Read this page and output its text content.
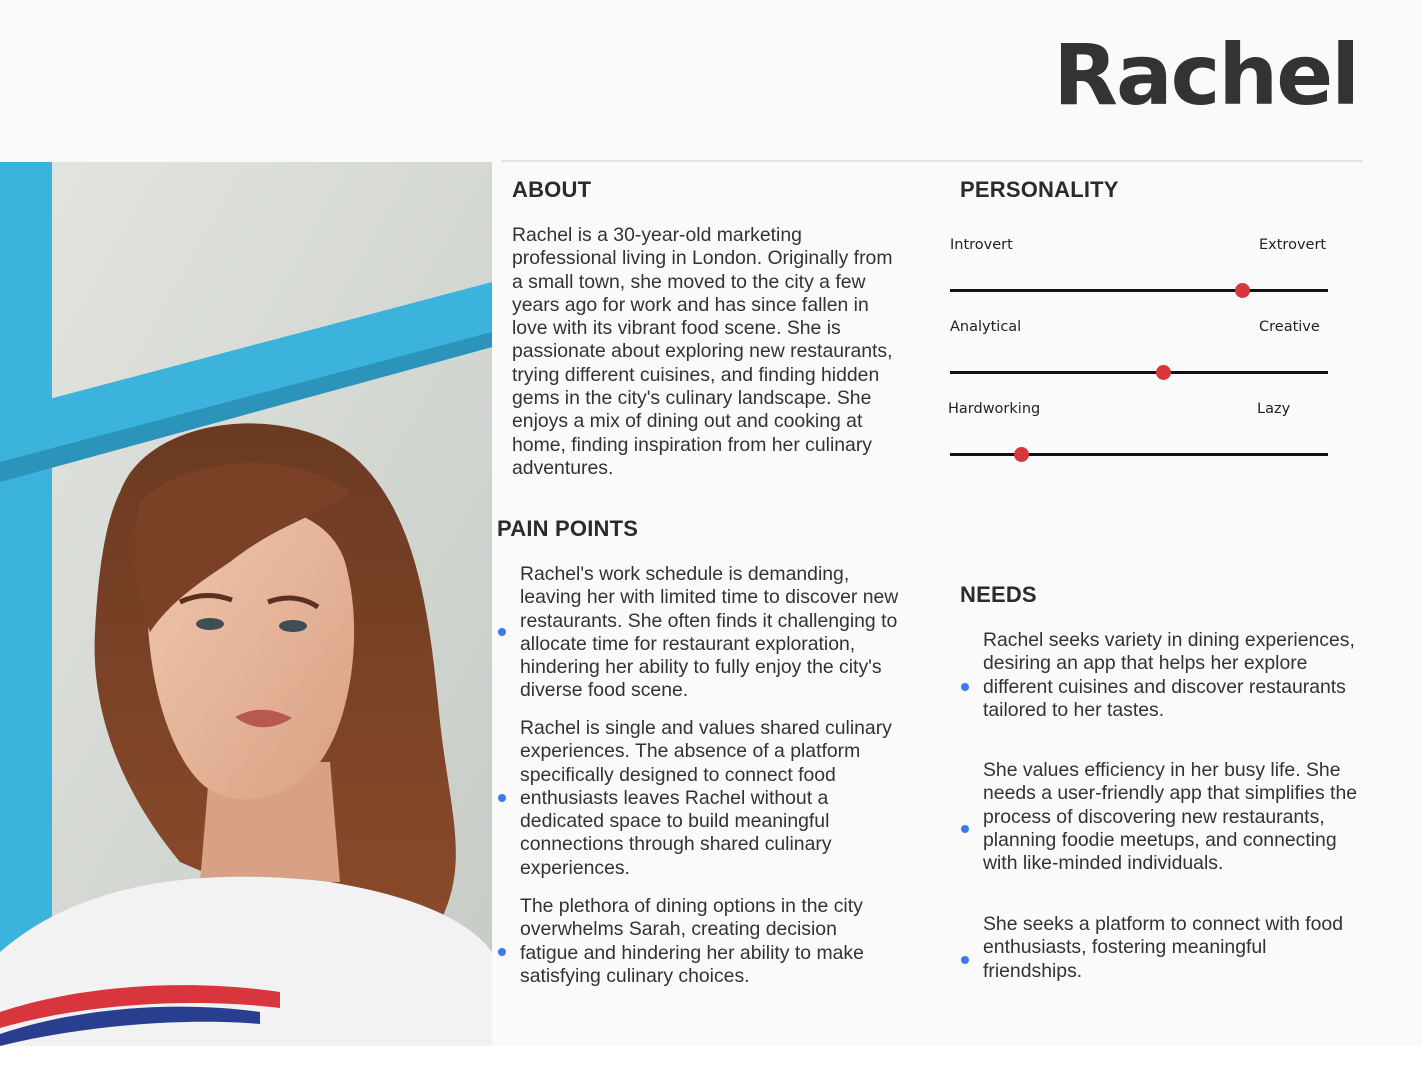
Rachel
ABOUT
Rachel is a 30-year-old marketing professional living in London. Originally from a small town, she moved to the city a few years ago for work and has since fallen in love with its vibrant food scene. She is passionate about exploring new restaurants, trying different cuisines, and finding hidden gems in the city's culinary landscape. She enjoys a mix of dining out and cooking at home, finding inspiration from her culinary adventures.
PERSONALITY
Introvert	Extrovert
Analytical	Creative
Hardworking	Lazy
PAIN POINTS
Rachel's work schedule is demanding, leaving her with limited time to discover new restaurants. She often finds it challenging to allocate time for restaurant exploration, hindering her ability to fully enjoy the city's diverse food scene.
Rachel is single and values shared culinary experiences. The absence of a platform specifically designed to connect food enthusiasts leaves Rachel without a dedicated space to build meaningful connections through shared culinary experiences.
The plethora of dining options in the city overwhelms Sarah, creating decision fatigue and hindering her ability to make satisfying culinary choices.
NEEDS
Rachel seeks variety in dining experiences, desiring an app that helps her explore different cuisines and discover restaurants tailored to her tastes.
She values efficiency in her busy life. She needs a user-friendly app that simplifies the process of discovering new restaurants, planning foodie meetups, and connecting with like-minded individuals.
She seeks a platform to connect with food enthusiasts, fostering meaningful friendships.
